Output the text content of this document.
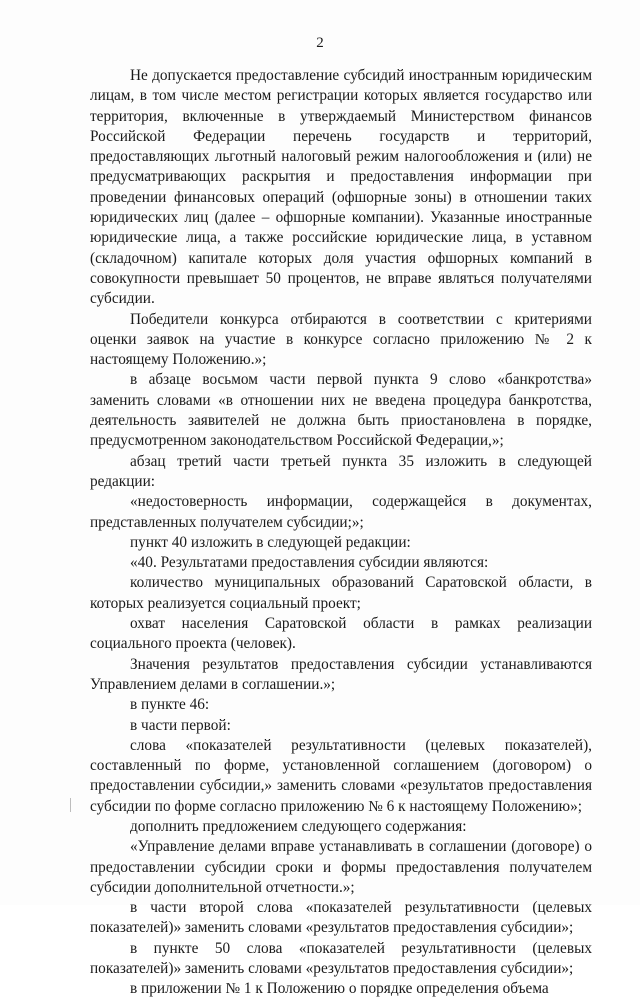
2

Не допускается предоставление субсидий иностранным юридическим лицам, в том числе местом регистрации которых является государство или территория, включенные в утверждаемый Министерством финансов Российской Федерации перечень государств и территорий, предоставляющих льготный налоговый режим налогообложения и (или) не предусматривающих раскрытия и предоставления информации при проведении финансовых операций (офшорные зоны) в отношении таких юридических лиц (далее – офшорные компании). Указанные иностранные юридические лица, а также российские юридические лица, в уставном (складочном) капитале которых доля участия офшорных компаний в совокупности превышает 50 процентов, не вправе являться получателями субсидии.

Победители конкурса отбираются в соответствии с критериями оценки заявок на участие в конкурсе согласно приложению № 2 к настоящему Положению.»;

в абзаце восьмом части первой пункта 9 слово «банкротства» заменить словами «в отношении них не введена процедура банкротства, деятельность заявителей не должна быть приостановлена в порядке, предусмотренном законодательством Российской Федерации,»;

абзац третий части третьей пункта 35 изложить в следующей редакции:

«недостоверность информации, содержащейся в документах, представленных получателем субсидии;»;

пункт 40 изложить в следующей редакции:

«40. Результатами предоставления субсидии являются:

количество муниципальных образований Саратовской области, в которых реализуется социальный проект;

охват населения Саратовской области в рамках реализации социального проекта (человек).

Значения результатов предоставления субсидии устанавливаются Управлением делами в соглашении.»;

в пункте 46:

в части первой:

слова «показателей результативности (целевых показателей), составленный по форме, установленной соглашением (договором) о предоставлении субсидии,» заменить словами «результатов предоставления субсидии по форме согласно приложению № 6 к настоящему Положению»;

дополнить предложением следующего содержания:

«Управление делами вправе устанавливать в соглашении (договоре) о предоставлении субсидии сроки и формы предоставления получателем субсидии дополнительной отчетности.»;

в части второй слова «показателей результативности (целевых показателей)» заменить словами «результатов предоставления субсидии»;

в пункте 50 слова «показателей результативности (целевых показателей)» заменить словами «результатов предоставления субсидии»;

в приложении № 1 к Положению о порядке определения объема
